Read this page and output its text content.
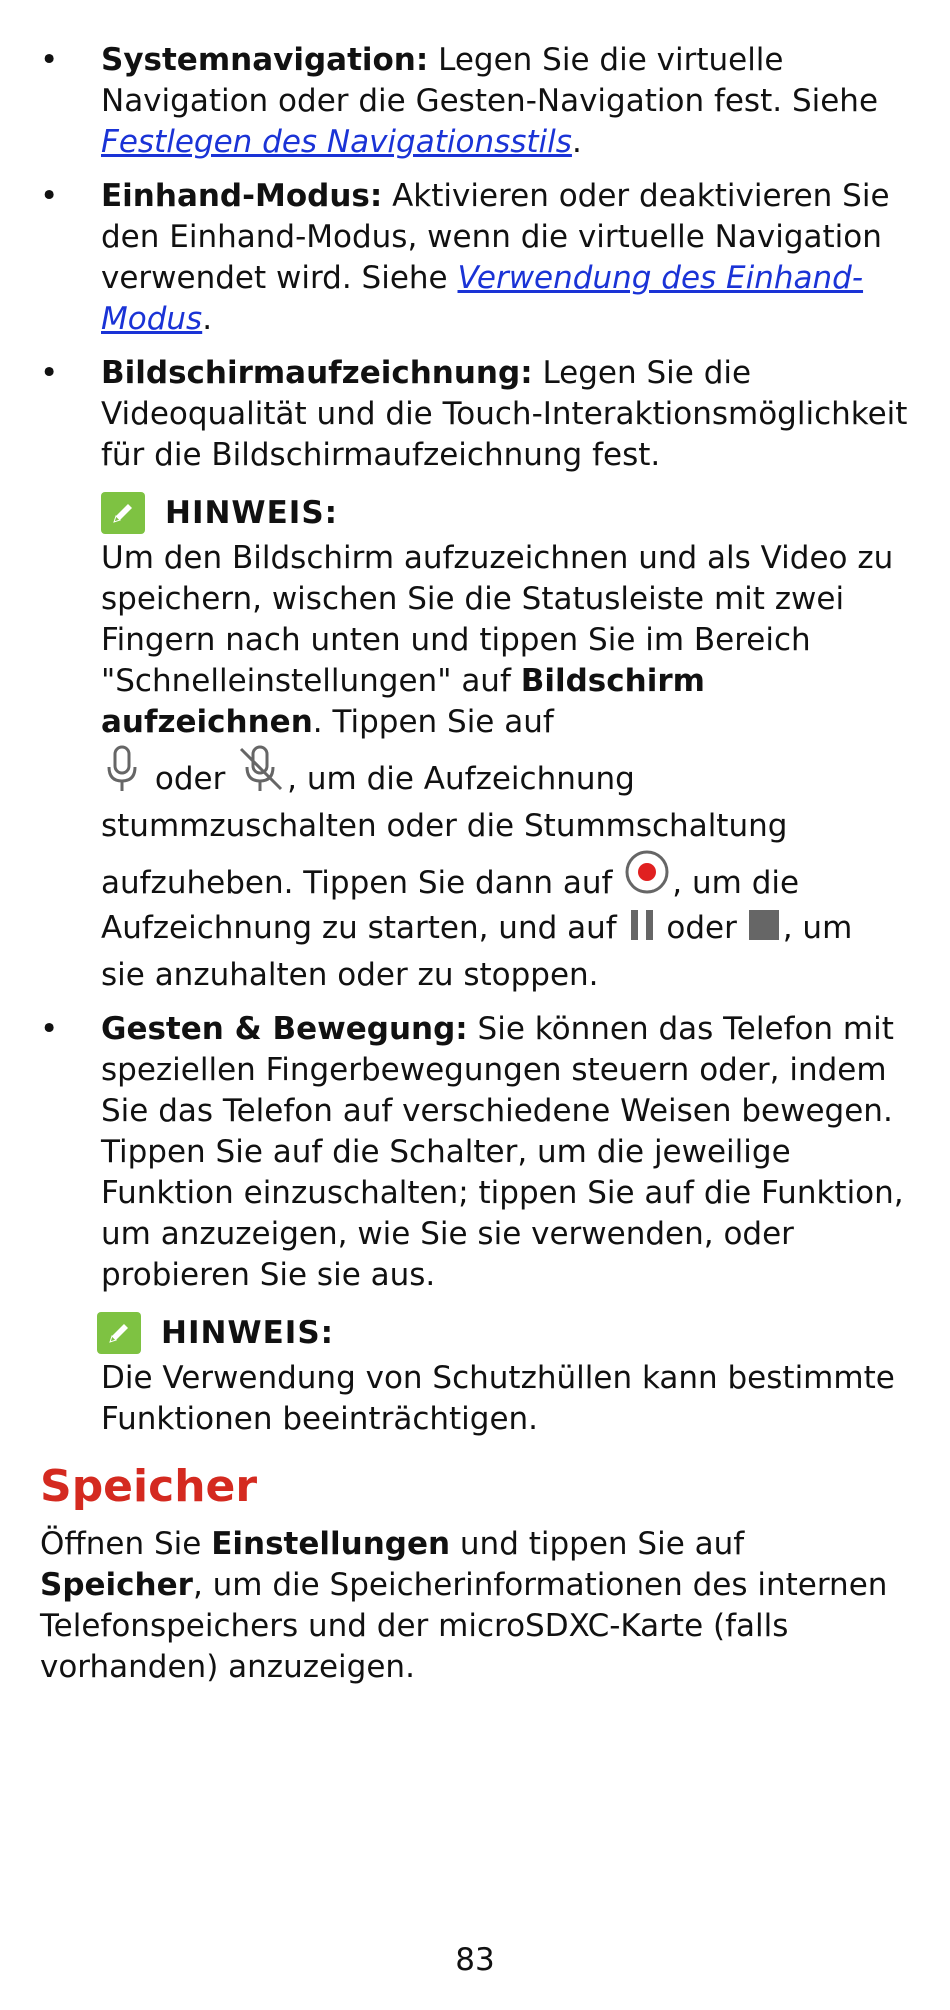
• Systemnavigation: Legen Sie die virtuelle Navigation oder die Gesten-Navigation fest. Siehe Festlegen des Navigationsstils.
• Einhand-Modus: Aktivieren oder deaktivieren Sie den Einhand-Modus, wenn die virtuelle Navigation verwendet wird. Siehe Verwendung des Einhand-Modus.
• Bildschirmaufzeichnung: Legen Sie die Videoqualität und die Touch-Interaktionsmöglichkeit für die Bildschirmaufzeichnung fest.
HINWEIS:
Um den Bildschirm aufzuzeichnen und als Video zu speichern, wischen Sie die Statusleiste mit zwei Fingern nach unten und tippen Sie im Bereich "Schnelleinstellungen" auf Bildschirm aufzeichnen. Tippen Sie auf
oder , um die Aufzeichnung stummzuschalten oder die Stummschaltung aufzuheben. Tippen Sie dann auf , um die Aufzeichnung zu starten, und auf  oder , um sie anzuhalten oder zu stoppen.
• Gesten & Bewegung: Sie können das Telefon mit speziellen Fingerbewegungen steuern oder, indem Sie das Telefon auf verschiedene Weisen bewegen. Tippen Sie auf die Schalter, um die jeweilige Funktion einzuschalten; tippen Sie auf die Funktion, um anzuzeigen, wie Sie sie verwenden, oder probieren Sie sie aus.
HINWEIS:
Die Verwendung von Schutzhüllen kann bestimmte Funktionen beeinträchtigen.
Speicher

Öffnen Sie Einstellungen und tippen Sie auf Speicher, um die Speicherinformationen des internen Telefonspeichers und der microSDXC-Karte (falls vorhanden) anzuzeigen.

83
